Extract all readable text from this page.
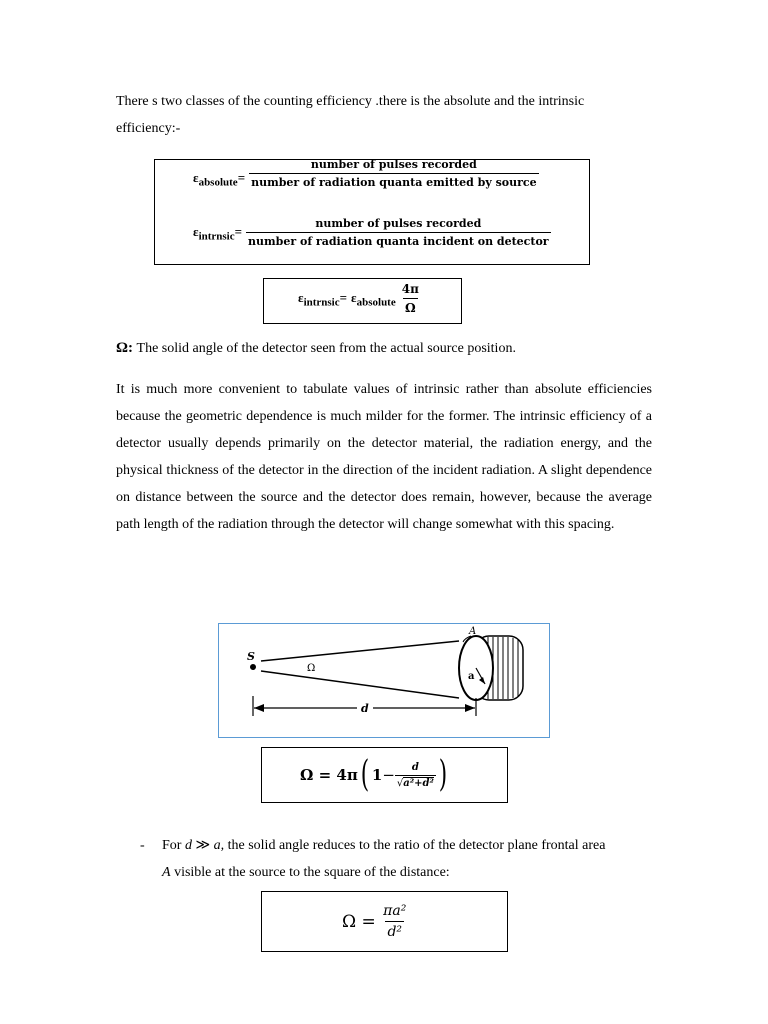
There s two classes of the counting efficiency .there is the absolute and the intrinsic
efficiency:-
$\varepsilon_{absolute}= \frac{\text{number of pulses recorded}}{\text{number of radiation quanta emitted by source}}$
$\varepsilon_{intrnsic}= \frac{\text{number of pulses recorded}}{\text{number of radiation quanta incident on detector}}$
$\varepsilon_{intrnsic}= \varepsilon_{absolute} \frac{4\pi}{\Omega}$
Ω: The solid angle of the detector seen from the actual source position.
It is much more convenient to tabulate values of intrinsic rather than absolute efficiencies because the geometric dependence is much milder for the former. The intrinsic efficiency of a detector usually depends primarily on the detector material, the radiation energy, and the physical thickness of the detector in the direction of the incident radiation. A slight dependence on distance between the source and the detector does remain, however, because the average path length of the radiation through the detector will change somewhat with this spacing.
S
Ω
A
a
d
Ω
=
4π ( $1 - \frac{d}{\text{√a²+d²}}$ )
- For d ≫ a, the solid angle reduces to the ratio of the detector plane frontal area
A visible at the source to the square of the distance:
Ω
=
$\frac{\text{πa²}}{\text{d²}}$
